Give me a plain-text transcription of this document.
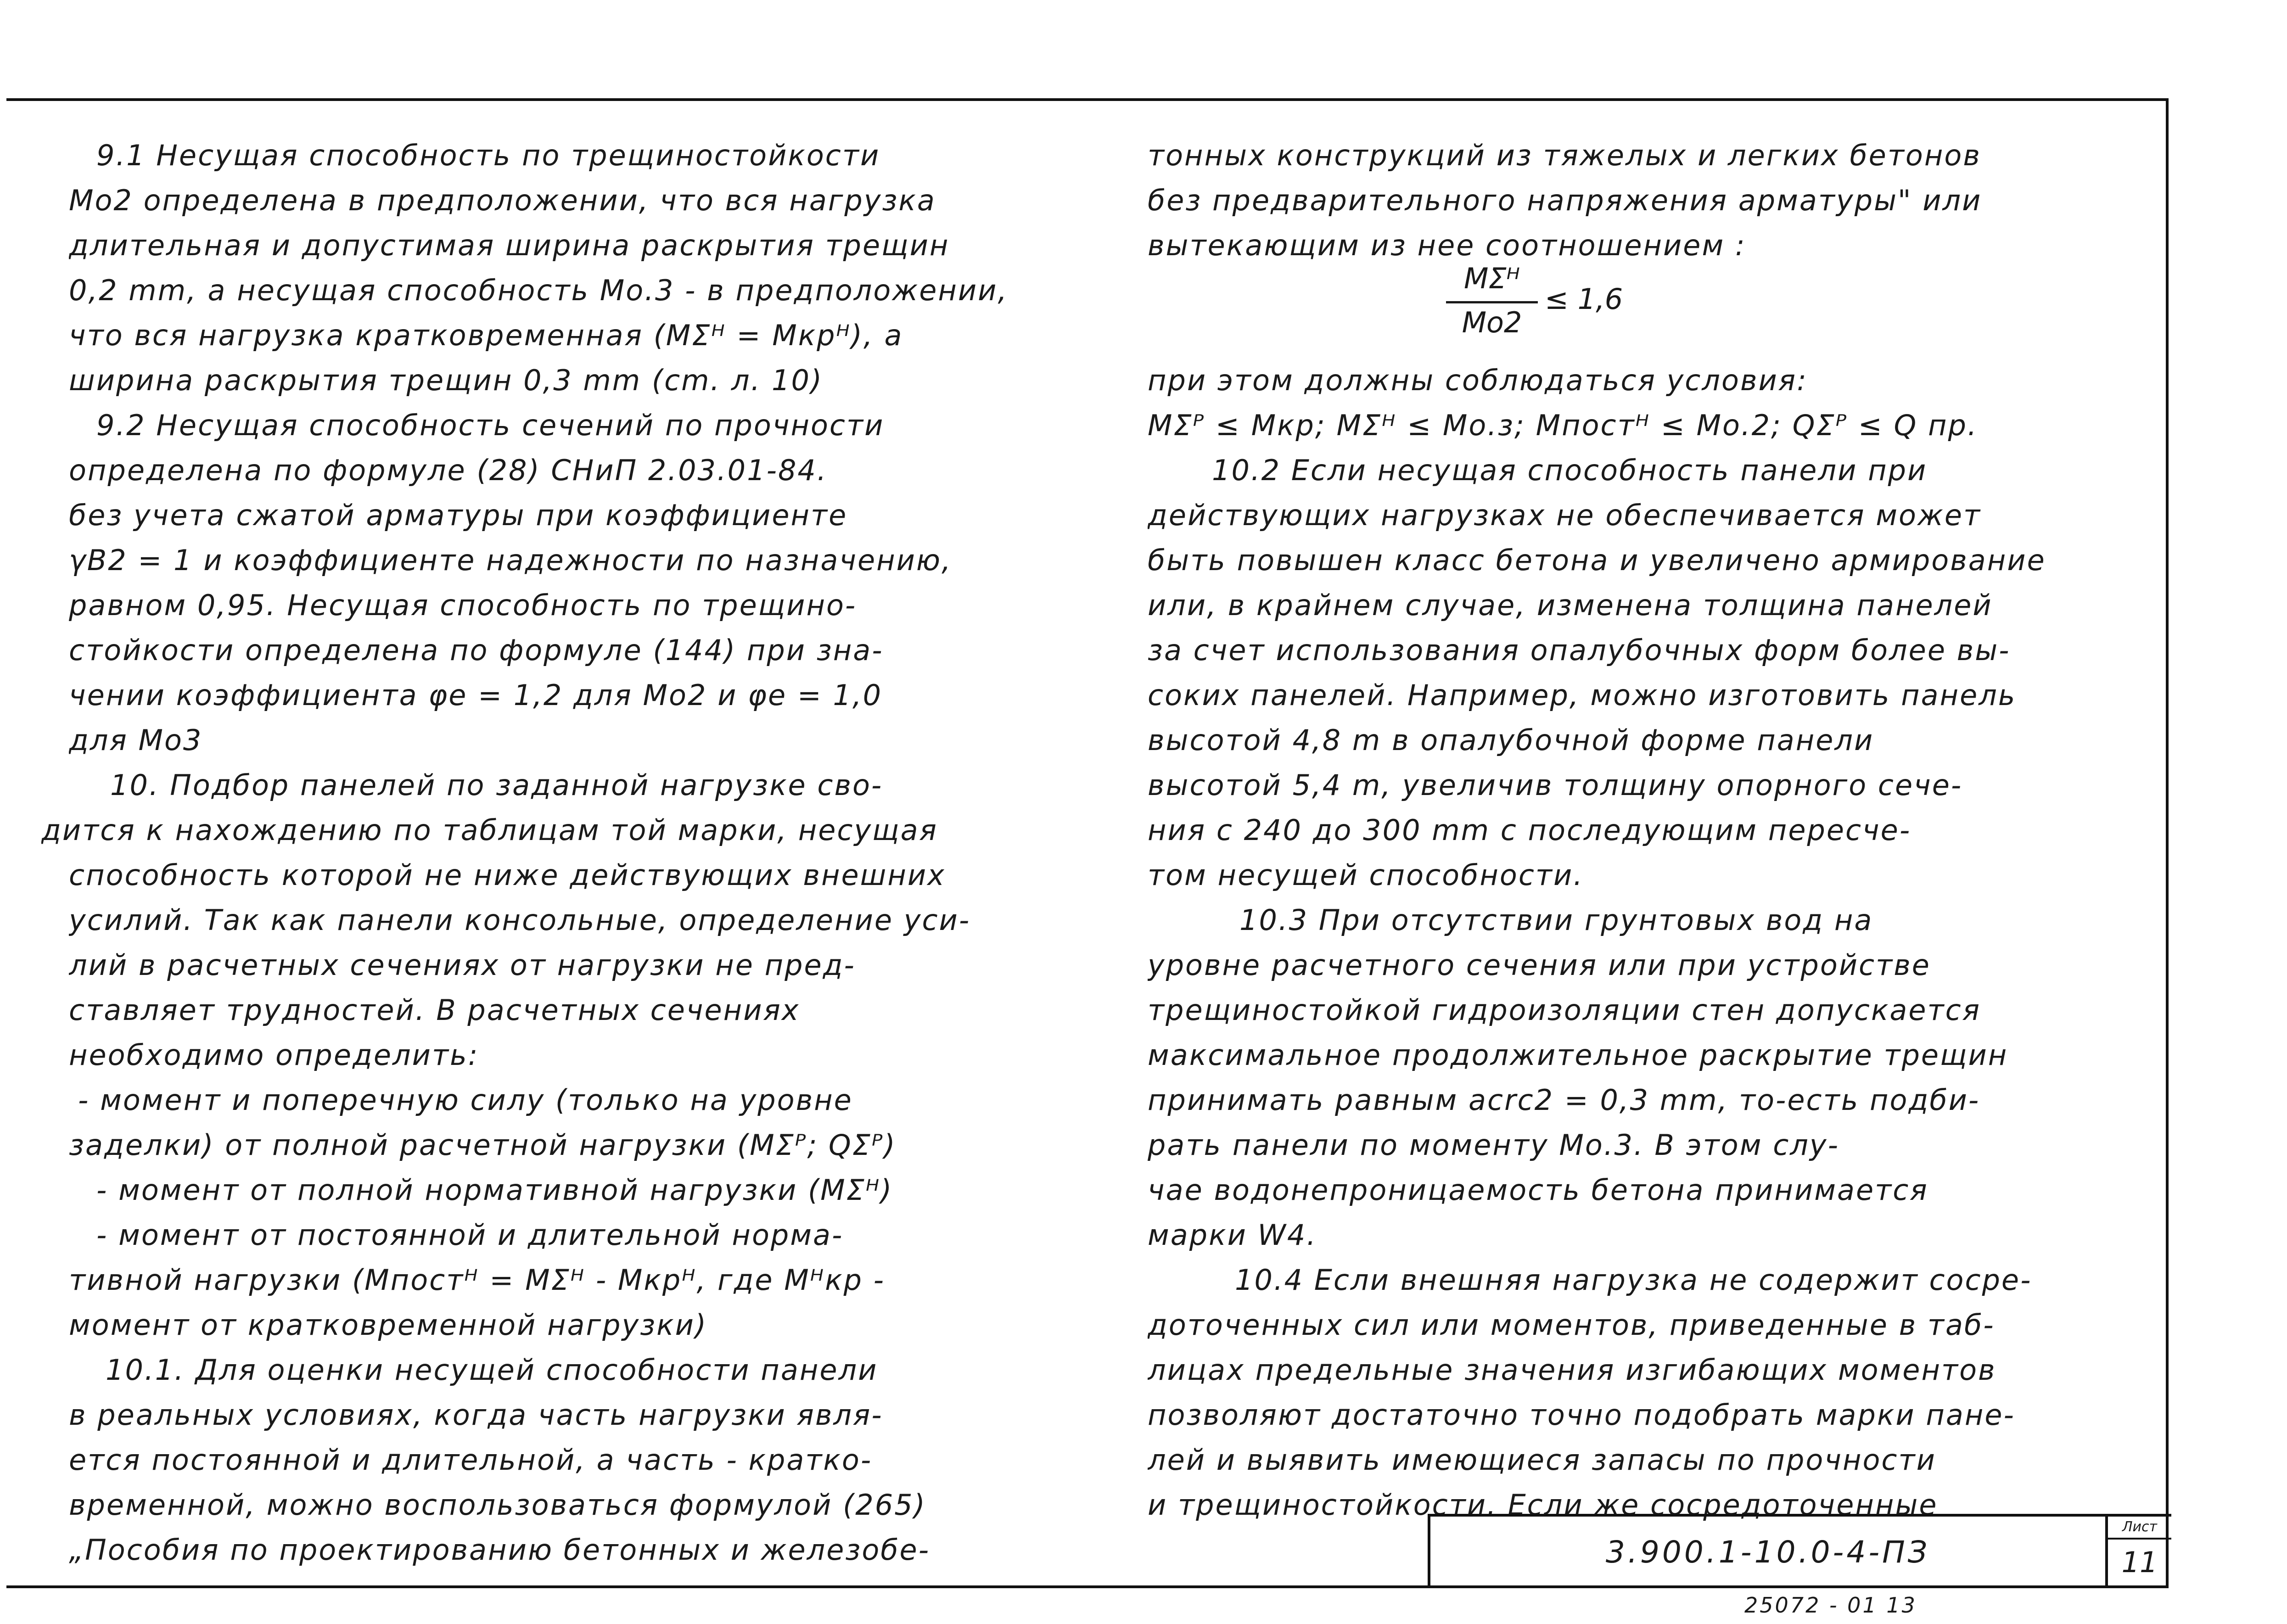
9.1 Несущая способность по трещиностойкости
Mо2 определена в предположении, что вся нагрузка
длительная и допустимая ширина раскрытия трещин
0,2 mm, а несущая способность Mо.3 - в предположении,
что вся нагрузка кратковременная (MΣᴴ = Mкрᴴ), а
ширина раскрытия трещин 0,3 mm (cm. л. 10)
9.2 Несущая способность сечений по прочности
определена по формуле (28) СНиП 2.03.01-84.
без учета сжатой арматуры при коэффициенте
γB2 = 1 и коэффициенте надежности по назначению,
равном 0,95. Несущая способность по трещино-
стойкости определена по формуле (144) при зна-
чении коэффициента φe = 1,2 для Mо2 и φe = 1,0
для Mо3
10. Подбор панелей по заданной нагрузке сво-
дится к нахождению по таблицам той марки, несущая
способность которой не ниже действующих внешних
усилий. Так как панели консольные, определение уси-
лий в расчетных сечениях от нагрузки не пред-
ставляет трудностей. В расчетных сечениях
необходимо определить:
- момент и поперечную силу (только на уровне
заделки) от полной расчетной нагрузки (MΣᴾ; QΣᴾ)
- момент от полной нормативной нагрузки (MΣᴴ)
- момент от постоянной и длительной норма-
тивной нагрузки (Mпостᴴ = MΣᴴ - Mкрᴴ, где Mᴴкр -
момент от кратковременной нагрузки)
10.1. Для оценки несущей способности панели
в реальных условиях, когда часть нагрузки явля-
ется постоянной и длительной, а часть - кратко-
временной, можно воспользоваться формулой (265)
„Пособия по проектированию бетонных и железобе-
тонных конструкций из тяжелых и легких бетонов
без предварительного напряжения арматуры" или
вытекающим из нее соотношением :
при этом должны соблюдаться условия:
MΣᴾ ≤ Mкр; MΣᴴ ≤ Mо.з; Mпостᴴ ≤ Mо.2; QΣᴾ ≤ Q пр.
10.2 Если несущая способность панели при
действующих нагрузках не обеспечивается может
быть повышен класс бетона и увеличено армирование
или, в крайнем случае, изменена толщина панелей
за счет использования опалубочных форм более вы-
соких панелей. Например, можно изготовить панель
высотой 4,8 m в опалубочной форме панели
высотой 5,4 m, увеличив толщину опорного сече-
ния с 240 до 300 mm с последующим пересче-
том несущей способности.
10.3 При отсутствии грунтовых вод на
уровне расчетного сечения или при устройстве
трещиностойкой гидроизоляции стен допускается
максимальное продолжительное раскрытие трещин
принимать равным аcrc2 = 0,3 mm, то-есть подби-
рать панели по моменту Mо.3. В этом слу-
чае водонепроницаемость бетона принимается
марки W4.
10.4 Если внешняя нагрузка не содержит сосре-
доточенных сил или моментов, приведенные в таб-
лицах предельные значения изгибающих моментов
позволяют достаточно точно подобрать марки пане-
лей и выявить имеющиеся запасы по прочности
и трещиностойкости. Если же сосредоточенные
MΣᴴ
Mо2
≤ 1,6
3.900.1-10.0-4-ПЗ
Лист
11
25072 - 01 13
